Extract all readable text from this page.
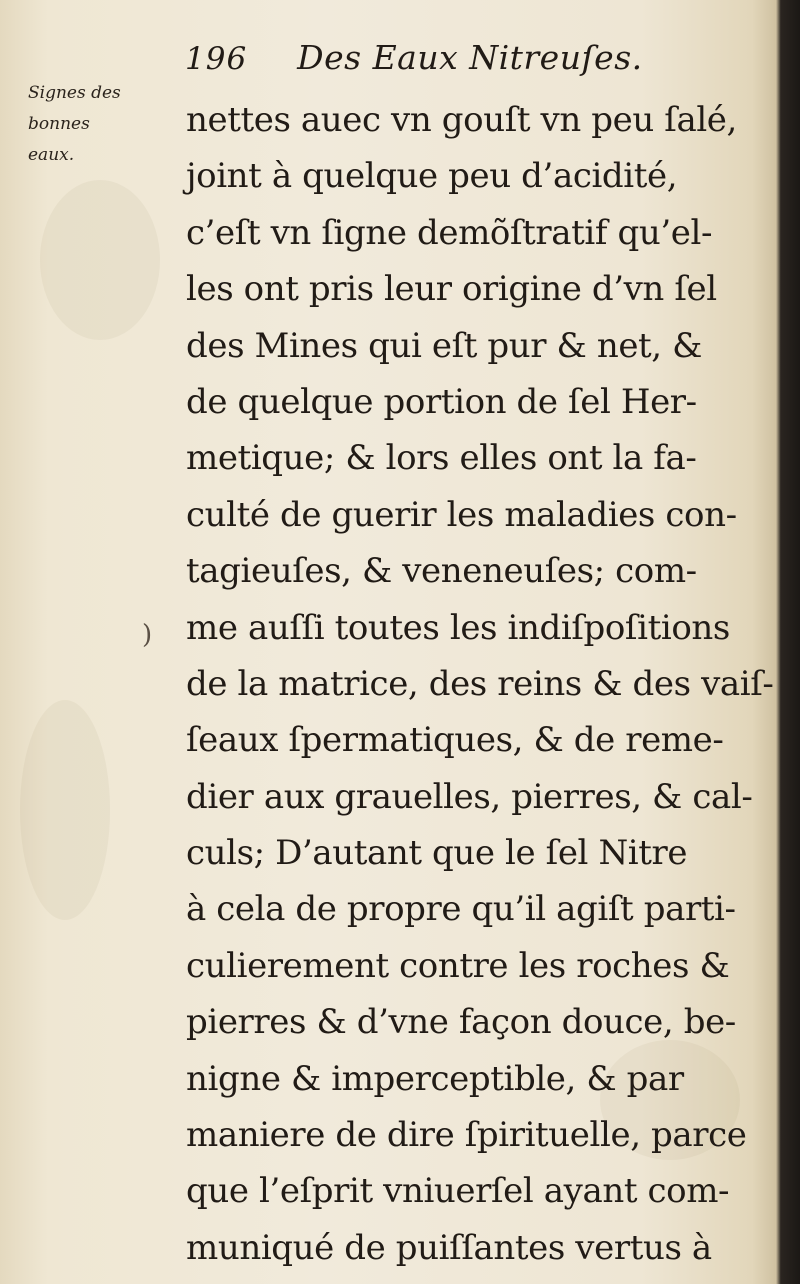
196 Des Eaux Nitreuſes.
Signes des
bonnes
eaux.
)
nettes auec vn gouſt vn peu ſalé,
joint à quelque peu d’acidité,
c’eſt vn ſigne demõſtratif qu’el-
les ont pris leur origine d’vn ſel
des Mines qui eſt pur & net, &
de quelque portion de ſel Her-
metique; & lors elles ont la fa-
culté de guerir les maladies con-
tagieuſes, & veneneuſes; com-
me auſſi toutes les indiſpoſitions
de la matrice, des reins & des vaiſ-
ſeaux ſpermatiques, & de reme-
dier aux grauelles, pierres, & cal-
culs; D’autant que le ſel Nitre
à cela de propre qu’il agiſt parti-
culierement contre les roches &
pierres & d’vne façon douce, be-
nigne & imperceptible, & par
maniere de dire ſpirituelle, parce
que l’eſprit vniuerſel ayant com-
muniqué de puiſſantes vertus à
